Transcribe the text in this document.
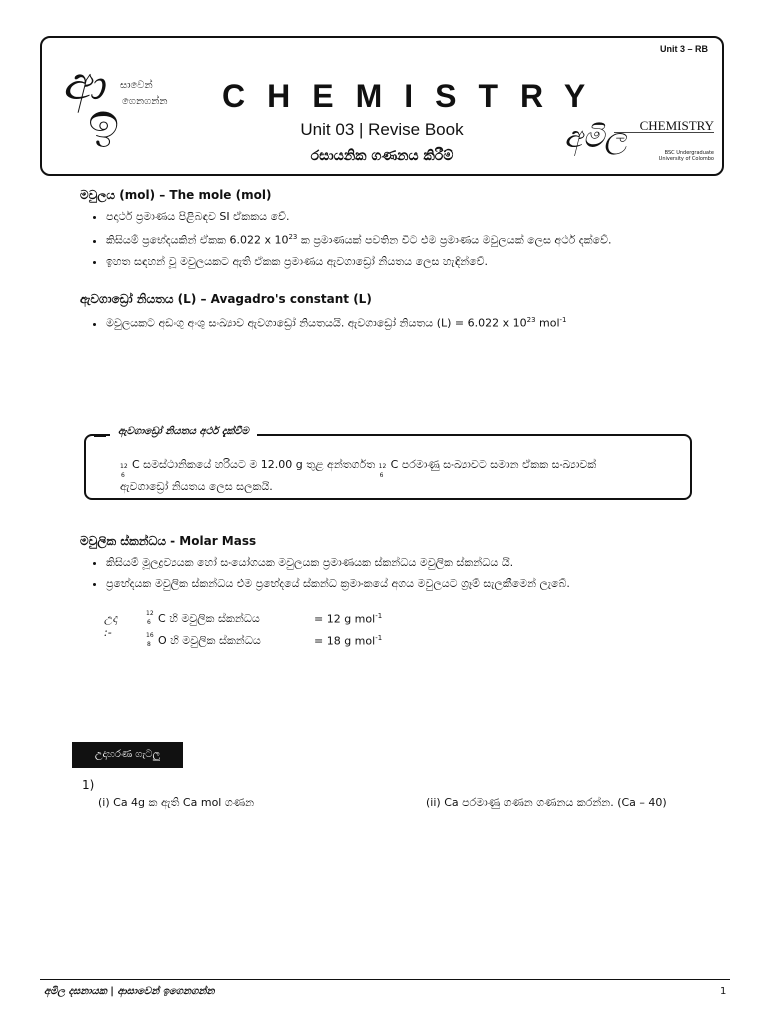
Unit 3 – RB
ආ
ඉ
සාවෙන්
ගෙනගන්න CHEMISTRY
Unit 03 | Revise Book
රසායනික ගණනය කිරීම්
අමිල CHEMISTRY
BSC Undergraduate
University of Colombo
මවුලය (mol) – The mole (mol)
• පදාර්ථ ප්‍රමාණය පිළිබඳව SI ඒකකය වේ.
• කිසියම් ප්‍රභේදයකින් ඒකක 6.022 x $10^{23}$ ක ප්‍රමාණයක් පවතින විට එම ප්‍රමාණය මවුලයක් ලෙස අර්ථ දක්වේ.
• ඉහත සඳහන් වූ මවුලයකට ඇති ඒකක ප්‍රමාණය ඇවගාඩ්‍රෝ නියතය ලෙස හැඳින්වේ.
ඇවගාඩ්‍රෝ නියතය (L) – Avagadro's constant (L)
• මවුලයකට අඩංගු අංශු සංඛ්‍යාව ඇවගාඩ්‍රෝ නියතයයි. ඇවගාඩ්‍රෝ නියතය (L) = 6.022 x $10^{23}$ mol$^{-1}$
ඇවගාඩ්‍රෝ නියතය අර්ථ දැක්වීම
12
6
C සමස්ථානිකයේ හරියට ම 12.00 g තුළ අන්තර්ගත 12
6
C පරමාණු සංඛ්‍යාවට සමාන ඒකක සංඛ්‍යාවක්
ඇවගාඩ්‍රෝ නියතය ලෙස සලකයි.
මවුලික ස්කන්ධය - Molar Mass
• කිසියම් මූලද්‍රව්‍යයක හෝ සංයෝගයක මවුලයක ප්‍රමාණයක ස්කන්ධය මවුලික ස්කන්ධය යි.
• ප්‍රභේදයක මවුලික ස්කන්ධය එම ප්‍රභේදයේ ස්කන්ධ ක්‍රමාංකයේ අගය මවුලයට ග්‍රෑම් සැලකීමෙන් ලැබේ.
උදා :-
12
6 C හි මවුලික ස්කන්ධය	= 12 g mol$^{-1}$
16
8 O හි මවුලික ස්කන්ධය	= 18 g mol$^{-1}$
උදාහරණ ගැටලු
1)
(i) Ca 4g ක ඇති Ca mol ගණන	(ii) Ca පරමාණු ගණන ගණනය කරන්න. (Ca – 40)
අමිල දසනායක | ආසාවෙන් ඉගෙනගන්න	1
